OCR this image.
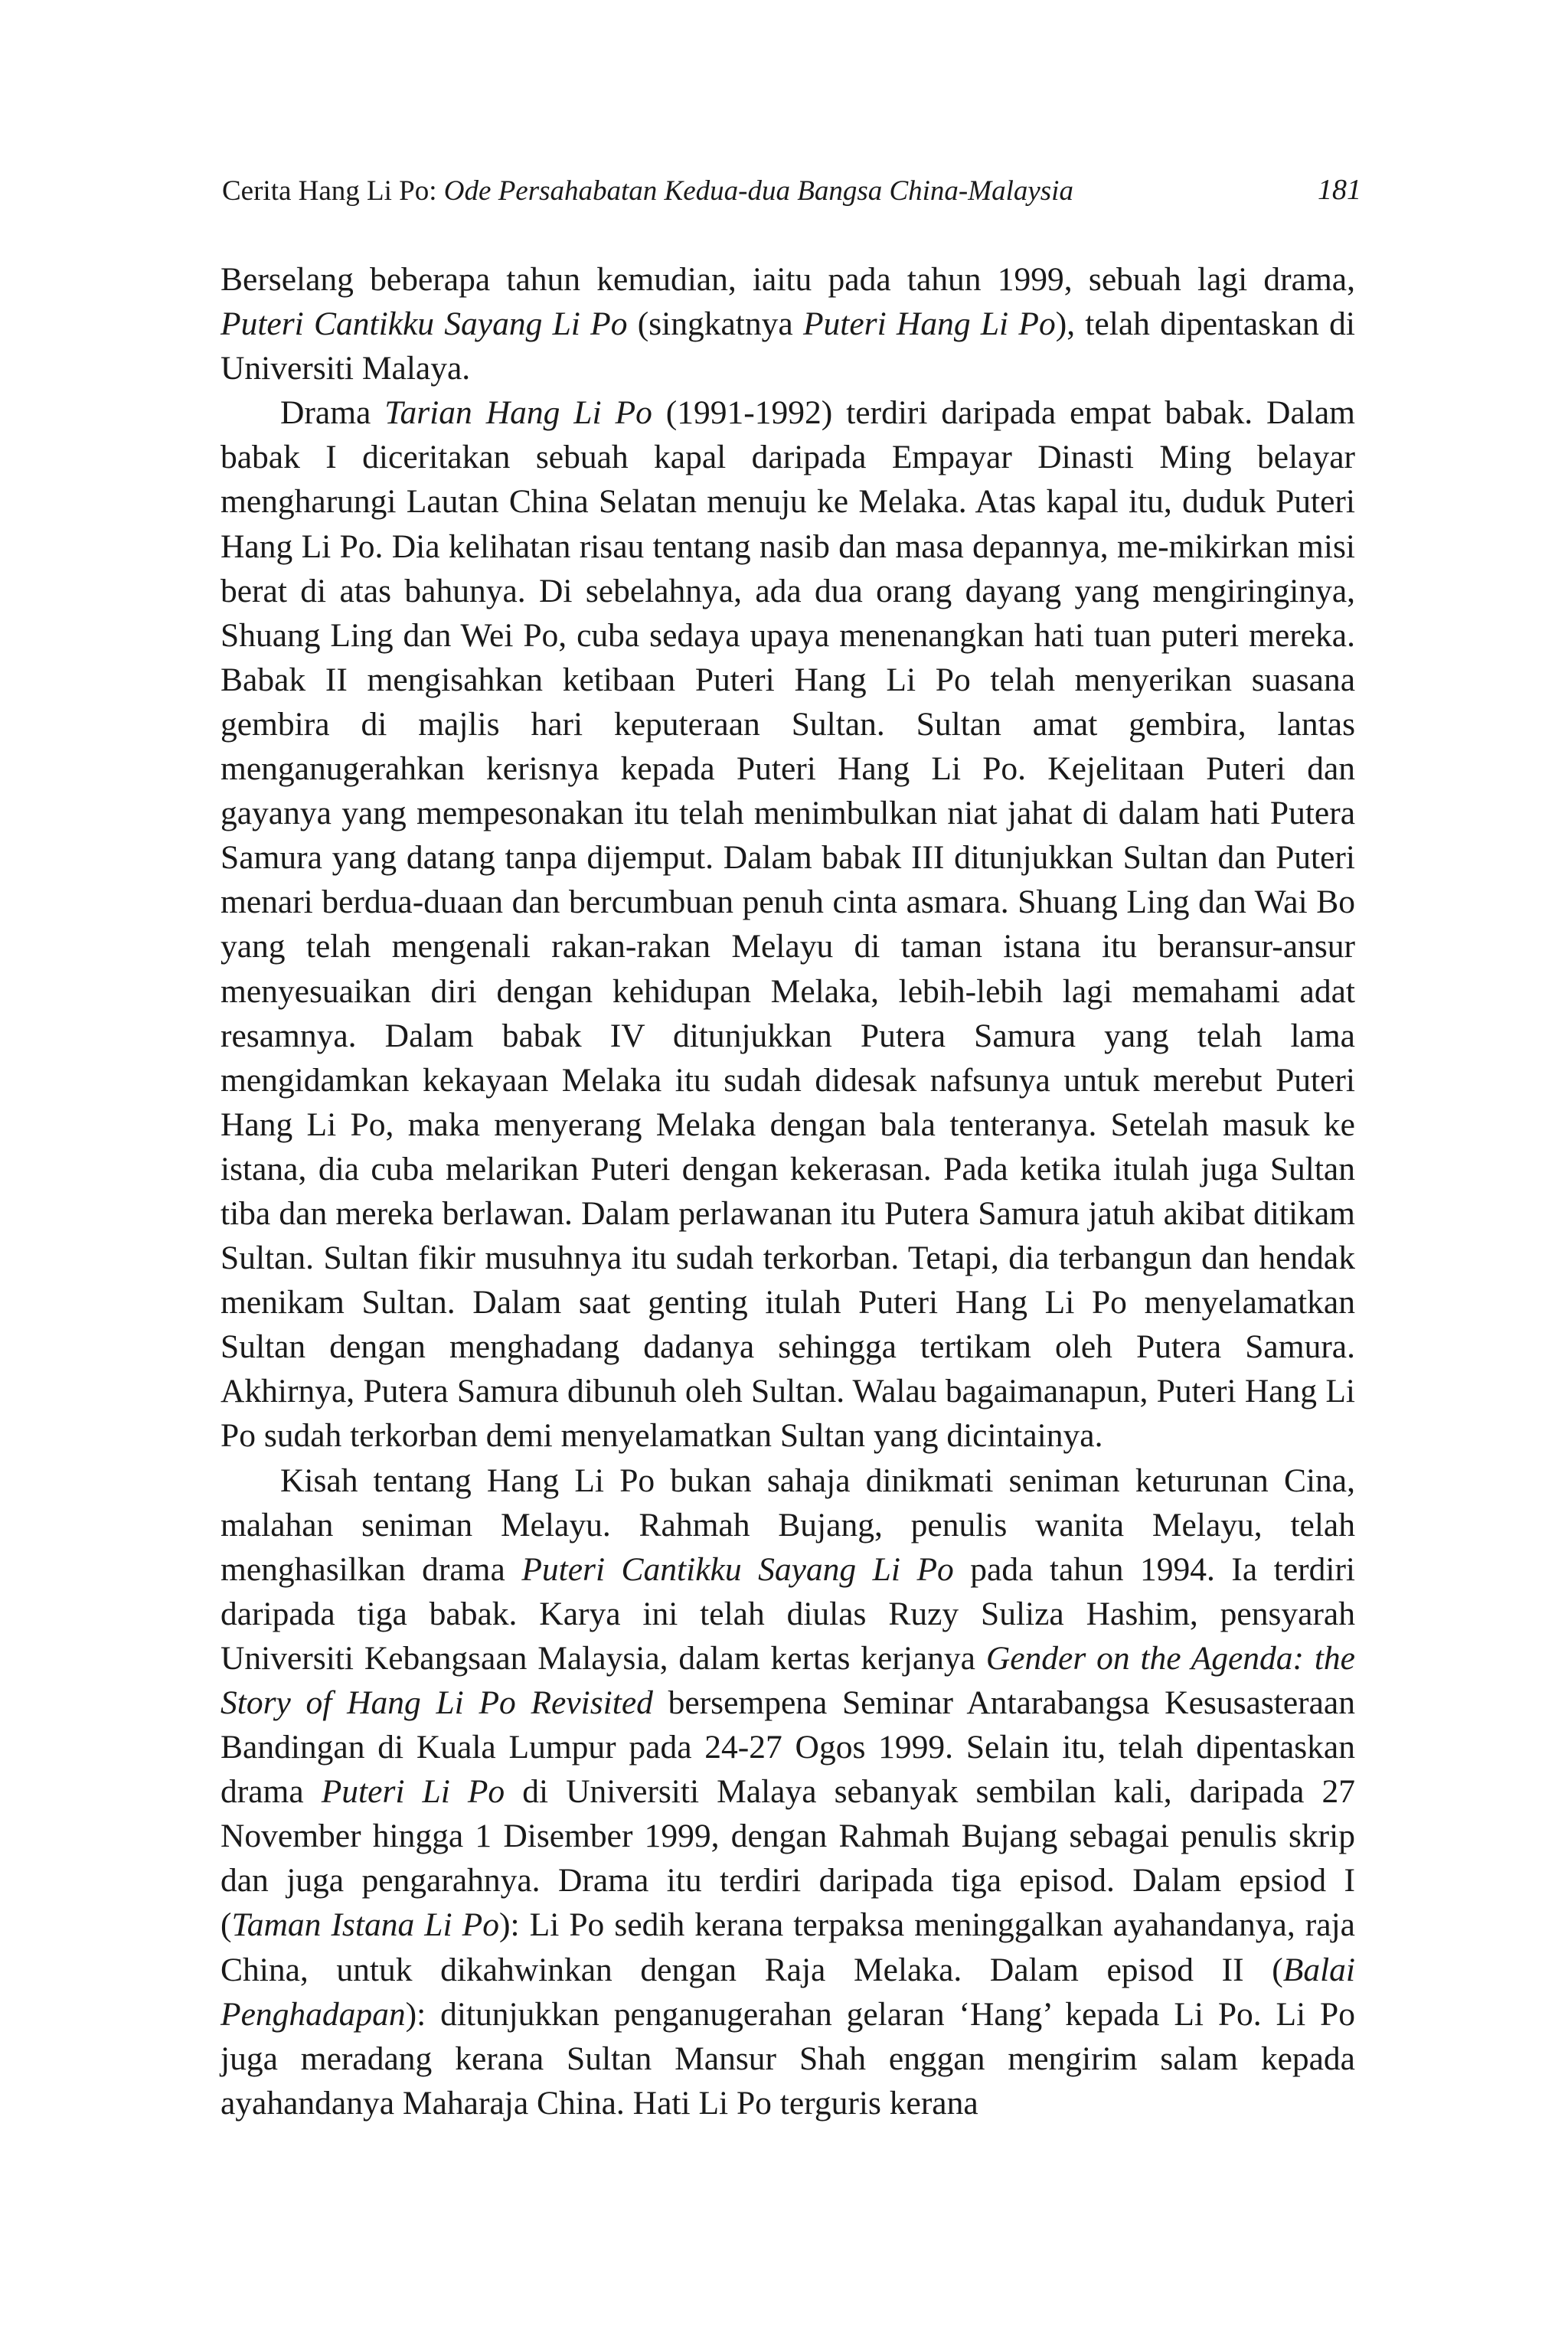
Cerita Hang Li Po: Ode Persahabatan Kedua-dua Bangsa China-Malaysia	181

Berselang beberapa tahun kemudian, iaitu pada tahun 1999, sebuah lagi drama, Puteri Cantikku Sayang Li Po (singkatnya Puteri Hang Li Po), telah dipentaskan di Universiti Malaya.

Drama Tarian Hang Li Po (1991-1992) terdiri daripada empat babak. Dalam babak I diceritakan sebuah kapal daripada Empayar Dinasti Ming belayar mengharungi Lautan China Selatan menuju ke Melaka. Atas kapal itu, duduk Puteri Hang Li Po. Dia kelihatan risau tentang nasib dan masa depannya, me-mikirkan misi berat di atas bahunya. Di sebelahnya, ada dua orang dayang yang mengiringinya, Shuang Ling dan Wei Po, cuba sedaya upaya menenangkan hati tuan puteri mereka. Babak II mengisahkan ketibaan Puteri Hang Li Po telah menyerikan suasana gembira di majlis hari keputeraan Sultan. Sultan amat gembira, lantas menganugerahkan kerisnya kepada Puteri Hang Li Po. Kejelitaan Puteri dan gayanya yang mempesonakan itu telah menimbulkan niat jahat di dalam hati Putera Samura yang datang tanpa dijemput. Dalam babak III ditunjukkan Sultan dan Puteri menari berdua-duaan dan bercumbuan penuh cinta asmara. Shuang Ling dan Wai Bo yang telah mengenali rakan-rakan Melayu di taman istana itu beransur-ansur menyesuaikan diri dengan kehidupan Melaka, lebih-lebih lagi memahami adat resamnya. Dalam babak IV ditunjukkan Putera Samura yang telah lama mengidamkan kekayaan Melaka itu sudah didesak nafsunya untuk merebut Puteri Hang Li Po, maka menyerang Melaka dengan bala tenteranya. Setelah masuk ke istana, dia cuba melarikan Puteri dengan kekerasan. Pada ketika itulah juga Sultan tiba dan mereka berlawan. Dalam perlawanan itu Putera Samura jatuh akibat ditikam Sultan. Sultan fikir musuhnya itu sudah terkorban. Tetapi, dia terbangun dan hendak menikam Sultan. Dalam saat genting itulah Puteri Hang Li Po menyelamatkan Sultan dengan menghadang dadanya sehingga tertikam oleh Putera Samura. Akhirnya, Putera Samura dibunuh oleh Sultan. Walau bagaimanapun, Puteri Hang Li Po sudah terkorban demi menyelamatkan Sultan yang dicintainya.

Kisah tentang Hang Li Po bukan sahaja dinikmati seniman keturunan Cina, malahan seniman Melayu. Rahmah Bujang, penulis wanita Melayu, telah menghasilkan drama Puteri Cantikku Sayang Li Po pada tahun 1994. Ia terdiri daripada tiga babak. Karya ini telah diulas Ruzy Suliza Hashim, pensyarah Universiti Kebangsaan Malaysia, dalam kertas kerjanya Gender on the Agenda: the Story of Hang Li Po Revisited bersempena Seminar Antarabangsa Kesusasteraan Bandingan di Kuala Lumpur pada 24-27 Ogos 1999. Selain itu, telah dipentaskan drama Puteri Li Po di Universiti Malaya sebanyak sembilan kali, daripada 27 November hingga 1 Disember 1999, dengan Rahmah Bujang sebagai penulis skrip dan juga pengarahnya. Drama itu terdiri daripada tiga episod. Dalam epsiod I (Taman Istana Li Po): Li Po sedih kerana terpaksa meninggalkan ayahandanya, raja China, untuk dikahwinkan dengan Raja Melaka. Dalam episod II (Balai Penghadapan): ditunjukkan penganugerahan gelaran ‘Hang’ kepada Li Po. Li Po juga meradang kerana Sultan Mansur Shah enggan mengirim salam kepada ayahandanya Maharaja China. Hati Li Po terguris kerana
